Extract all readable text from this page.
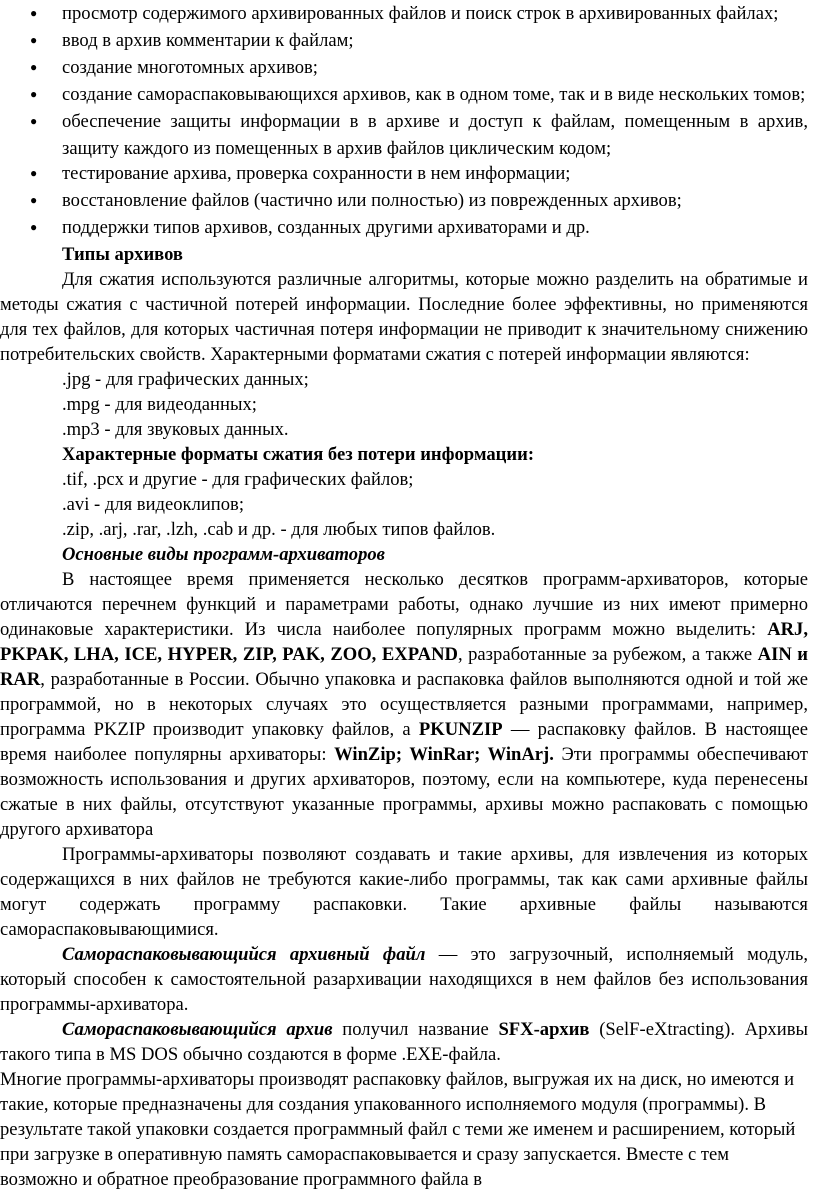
●просмотр содержимого архивированных файлов и поиск строк в архивированных файлах;
●ввод в архив комментарии к файлам;
●создание многотомных архивов;
●создание самораспаковывающихся архивов, как в одном томе, так и в виде нескольких томов;
●обеспечение защиты информации в в архиве и доступ к файлам, помещенным в архив, защиту каждого из помещенных в архив файлов циклическим кодом;
●тестирование архива, проверка сохранности в нем информации;
●восстановление файлов (частично или полностью) из поврежденных архивов;
●поддержки типов архивов, созданных другими архиваторами и др.

Типы архивов

Для сжатия используются различные алгоритмы, которые можно разделить на обратимые и методы сжатия с частичной потерей информации. Последние более эффективны, но применяются для тех файлов, для которых частичная потеря информации не приводит к значительному снижению потребительских свойств. Характерными форматами сжатия с потерей информации являются:

.jpg - для графических данных;

.mpg - для видеоданных;

.mp3 - для звуковых данных.

Характерные форматы сжатия без потери информации:

.tif, .pcx и другие - для графических файлов;

.avi - для видеоклипов;

.zip, .arj, .rar, .lzh, .cab и др. - для любых типов файлов.

Основные виды программ-архиваторов

В настоящее время применяется несколько десятков программ-архиваторов, которые отличаются перечнем функций и параметрами работы, однако лучшие из них имеют примерно одинаковые характеристики. Из числа наиболее популярных программ можно выделить: ARJ, PKPAK, LHA, ICE, HYPER, ZIP, PAK, ZOO, EXPAND, разработанные за рубежом, а также AIN и RAR, разработанные в России. Обычно упаковка и распаковка файлов выполняются одной и той же программой, но в некоторых случаях это осуществляется разными программами, например, программа PKZIP производит упаковку файлов, а PKUNZIP — распаковку файлов. В настоящее время наиболее популярны архиваторы: WinZip; WinRar; WinArj. Эти программы обеспечивают возможность использования и других архиваторов, поэтому, если на компьютере, куда перенесены сжатые в них файлы, отсутствуют указанные программы, архивы можно распаковать с помощью другого архиватора

Программы-архиваторы позволяют создавать и такие архивы, для извлечения из которых содержащихся в них файлов не требуются какие-либо программы, так как сами архивные файлы могут содержать программу распаковки. Такие архивные файлы называются самораспаковывающимися.

Самораспаковывающийся архивный файл — это загрузочный, исполняемый модуль, который способен к самостоятельной разархивации находящихся в нем файлов без использования программы-архиватора.

Самораспаковывающийся архив получил название SFX-архив (SelF-eXtracting). Архивы такого типа в MS DOS обычно создаются в форме .EXE-файла.

Многие программы-архиваторы производят распаковку файлов, выгружая их на диск, но имеются и такие, которые предназначены для создания упакованного исполняемого модуля (программы). В результате такой упаковки создается программный файл с теми же именем и расширением, который при загрузке в оперативную память самораспаковывается и сразу запускается. Вместе с тем возможно и обратное преобразование программного файла в
